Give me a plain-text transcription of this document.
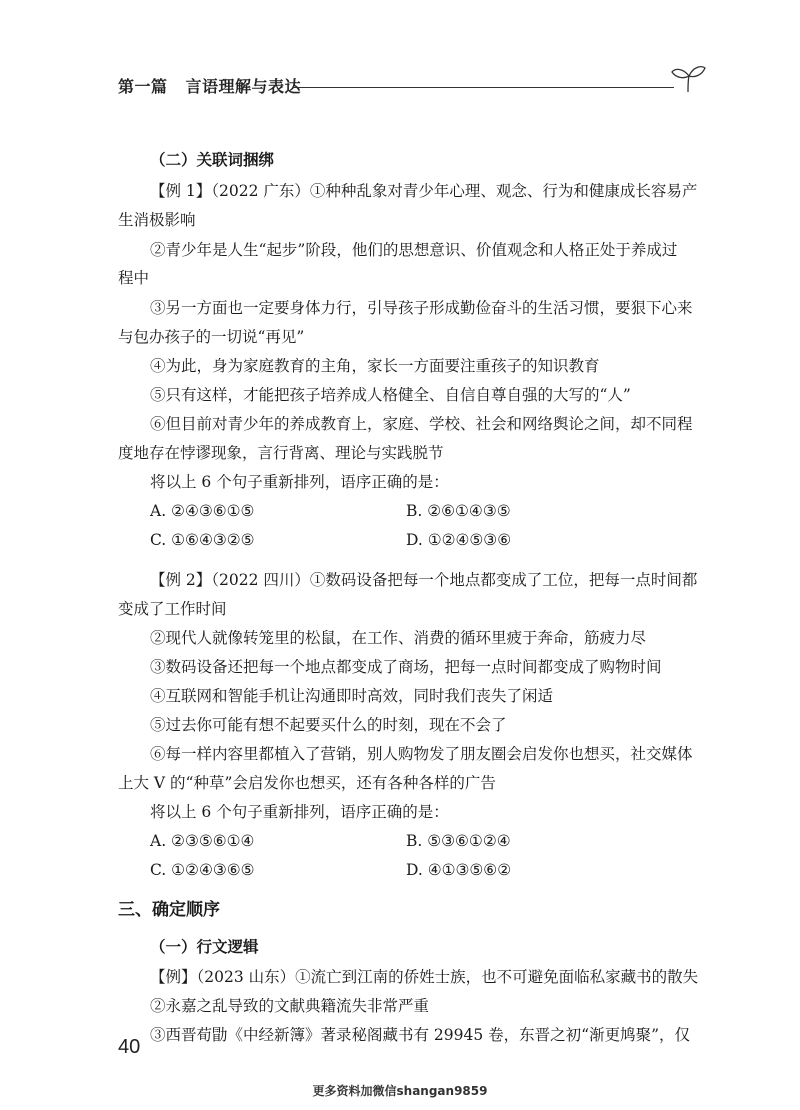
第一篇 言语理解与表达
（二）关联词捆绑
【例 1】（2022 广东）①种种乱象对青少年心理、观念、行为和健康成长容易产
生消极影响
②青少年是人生“起步”阶段，他们的思想意识、价值观念和人格正处于养成过
程中
③另一方面也一定要身体力行，引导孩子形成勤俭奋斗的生活习惯，要狠下心来
与包办孩子的一切说“再见”
④为此，身为家庭教育的主角，家长一方面要注重孩子的知识教育
⑤只有这样，才能把孩子培养成人格健全、自信自尊自强的大写的“人”
⑥但目前对青少年的养成教育上，家庭、学校、社会和网络舆论之间，却不同程
度地存在悖谬现象，言行背离、理论与实践脱节
将以上 6 个句子重新排列，语序正确的是：
A. ②④③⑥①⑤	B. ②⑥①④③⑤
C. ①⑥④③②⑤	D. ①②④⑤③⑥
【例 2】（2022 四川）①数码设备把每一个地点都变成了工位，把每一点时间都
变成了工作时间
②现代人就像转笼里的松鼠，在工作、消费的循环里疲于奔命，筋疲力尽
③数码设备还把每一个地点都变成了商场，把每一点时间都变成了购物时间
④互联网和智能手机让沟通即时高效，同时我们丧失了闲适
⑤过去你可能有想不起要买什么的时刻，现在不会了
⑥每一样内容里都植入了营销，别人购物发了朋友圈会启发你也想买，社交媒体
上大 V 的“种草”会启发你也想买，还有各种各样的广告
将以上 6 个句子重新排列，语序正确的是：
A. ②③⑤⑥①④	B. ⑤③⑥①②④
C. ①②④③⑥⑤	D. ④①③⑤⑥②
三、确定顺序
（一）行文逻辑
【例】（2023 山东）①流亡到江南的侨姓士族，也不可避免面临私家藏书的散失
②永嘉之乱导致的文献典籍流失非常严重
③西晋荀勖《中经新簿》著录秘阁藏书有 29945 卷，东晋之初“渐更鸠聚”，仅
40
更多资料加微信shangan9859
